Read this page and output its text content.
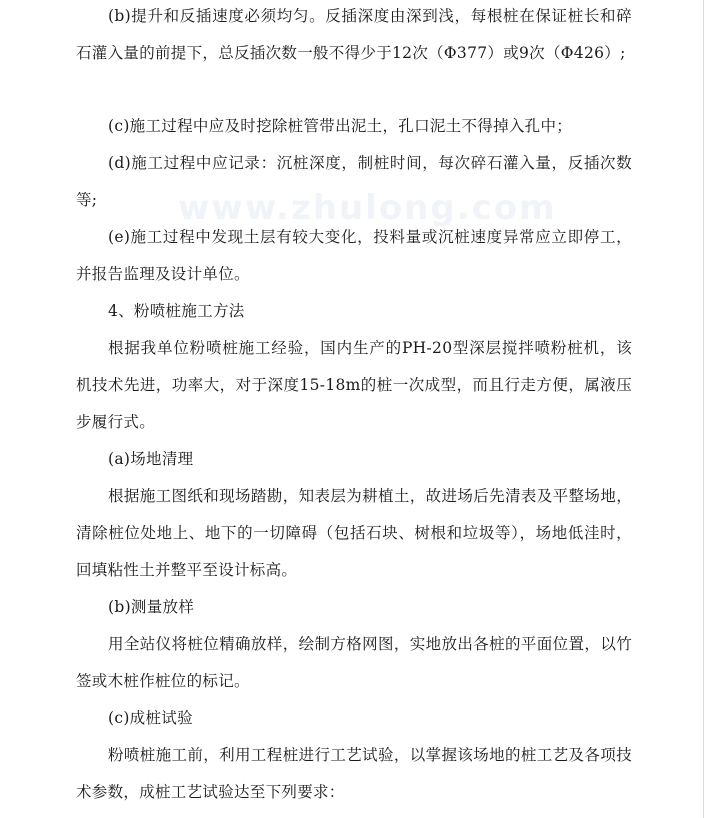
www.zhulong.com

(b)提升和反插速度必须均匀。反插深度由深到浅，每根桩在保证桩长和碎石灌入量的前提下，总反插次数一般不得少于12次（Φ377）或9次（Φ426）;

(c)施工过程中应及时挖除桩管带出泥土，孔口泥土不得掉入孔中；

(d)施工过程中应记录：沉桩深度，制桩时间，每次碎石灌入量，反插次数等;

(e)施工过程中发现土层有较大变化，投料量或沉桩速度异常应立即停工，并报告监理及设计单位。

4、粉喷桩施工方法

根据我单位粉喷桩施工经验，国内生产的PH-20型深层搅拌喷粉桩机，该机技术先进，功率大，对于深度15-18m的桩一次成型，而且行走方便，属液压步履行式。

(a)场地清理

根据施工图纸和现场踏勘，知表层为耕植土，故进场后先清表及平整场地，清除桩位处地上、地下的一切障碍（包括石块、树根和垃圾等），场地低洼时，回填粘性土并整平至设计标高。

(b)测量放样

用全站仪将桩位精确放样，绘制方格网图，实地放出各桩的平面位置，以竹签或木桩作桩位的标记。

(c)成桩试验

粉喷桩施工前，利用工程桩进行工艺试验，以掌握该场地的桩工艺及各项技术参数，成桩工艺试验达至下列要求：
